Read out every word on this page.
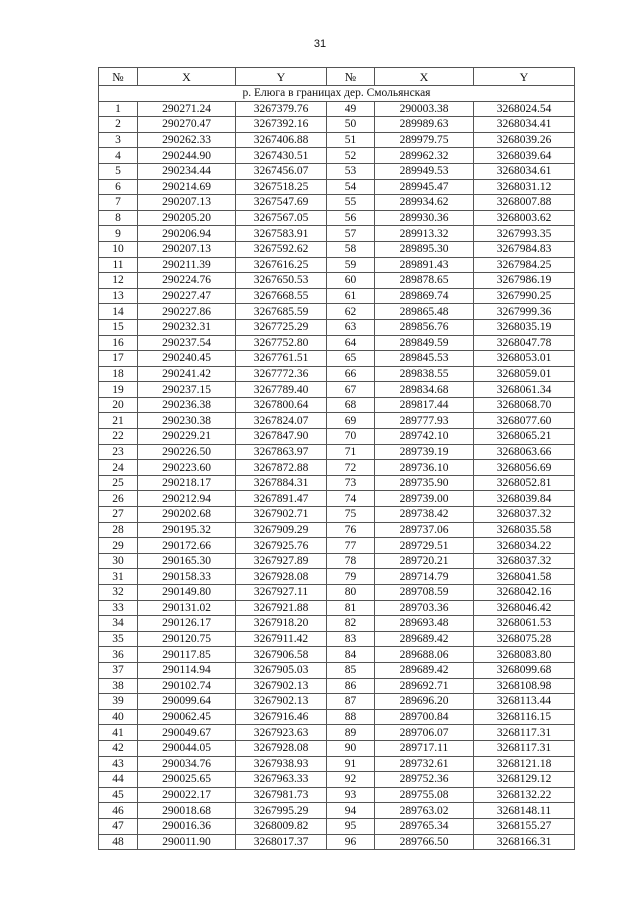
31
№	X	Y	№	X	Y
р. Елюга в границах дер. Смольянская					
1	290271.24	3267379.76	49	290003.38	3268024.54
2	290270.47	3267392.16	50	289989.63	3268034.41
3	290262.33	3267406.88	51	289979.75	3268039.26
4	290244.90	3267430.51	52	289962.32	3268039.64
5	290234.44	3267456.07	53	289949.53	3268034.61
6	290214.69	3267518.25	54	289945.47	3268031.12
7	290207.13	3267547.69	55	289934.62	3268007.88
8	290205.20	3267567.05	56	289930.36	3268003.62
9	290206.94	3267583.91	57	289913.32	3267993.35
10	290207.13	3267592.62	58	289895.30	3267984.83
11	290211.39	3267616.25	59	289891.43	3267984.25
12	290224.76	3267650.53	60	289878.65	3267986.19
13	290227.47	3267668.55	61	289869.74	3267990.25
14	290227.86	3267685.59	62	289865.48	3267999.36
15	290232.31	3267725.29	63	289856.76	3268035.19
16	290237.54	3267752.80	64	289849.59	3268047.78
17	290240.45	3267761.51	65	289845.53	3268053.01
18	290241.42	3267772.36	66	289838.55	3268059.01
19	290237.15	3267789.40	67	289834.68	3268061.34
20	290236.38	3267800.64	68	289817.44	3268068.70
21	290230.38	3267824.07	69	289777.93	3268077.60
22	290229.21	3267847.90	70	289742.10	3268065.21
23	290226.50	3267863.97	71	289739.19	3268063.66
24	290223.60	3267872.88	72	289736.10	3268056.69
25	290218.17	3267884.31	73	289735.90	3268052.81
26	290212.94	3267891.47	74	289739.00	3268039.84
27	290202.68	3267902.71	75	289738.42	3268037.32
28	290195.32	3267909.29	76	289737.06	3268035.58
29	290172.66	3267925.76	77	289729.51	3268034.22
30	290165.30	3267927.89	78	289720.21	3268037.32
31	290158.33	3267928.08	79	289714.79	3268041.58
32	290149.80	3267927.11	80	289708.59	3268042.16
33	290131.02	3267921.88	81	289703.36	3268046.42
34	290126.17	3267918.20	82	289693.48	3268061.53
35	290120.75	3267911.42	83	289689.42	3268075.28
36	290117.85	3267906.58	84	289688.06	3268083.80
37	290114.94	3267905.03	85	289689.42	3268099.68
38	290102.74	3267902.13	86	289692.71	3268108.98
39	290099.64	3267902.13	87	289696.20	3268113.44
40	290062.45	3267916.46	88	289700.84	3268116.15
41	290049.67	3267923.63	89	289706.07	3268117.31
42	290044.05	3267928.08	90	289717.11	3268117.31
43	290034.76	3267938.93	91	289732.61	3268121.18
44	290025.65	3267963.33	92	289752.36	3268129.12
45	290022.17	3267981.73	93	289755.08	3268132.22
46	290018.68	3267995.29	94	289763.02	3268148.11
47	290016.36	3268009.82	95	289765.34	3268155.27
48	290011.90	3268017.37	96	289766.50	3268166.31
